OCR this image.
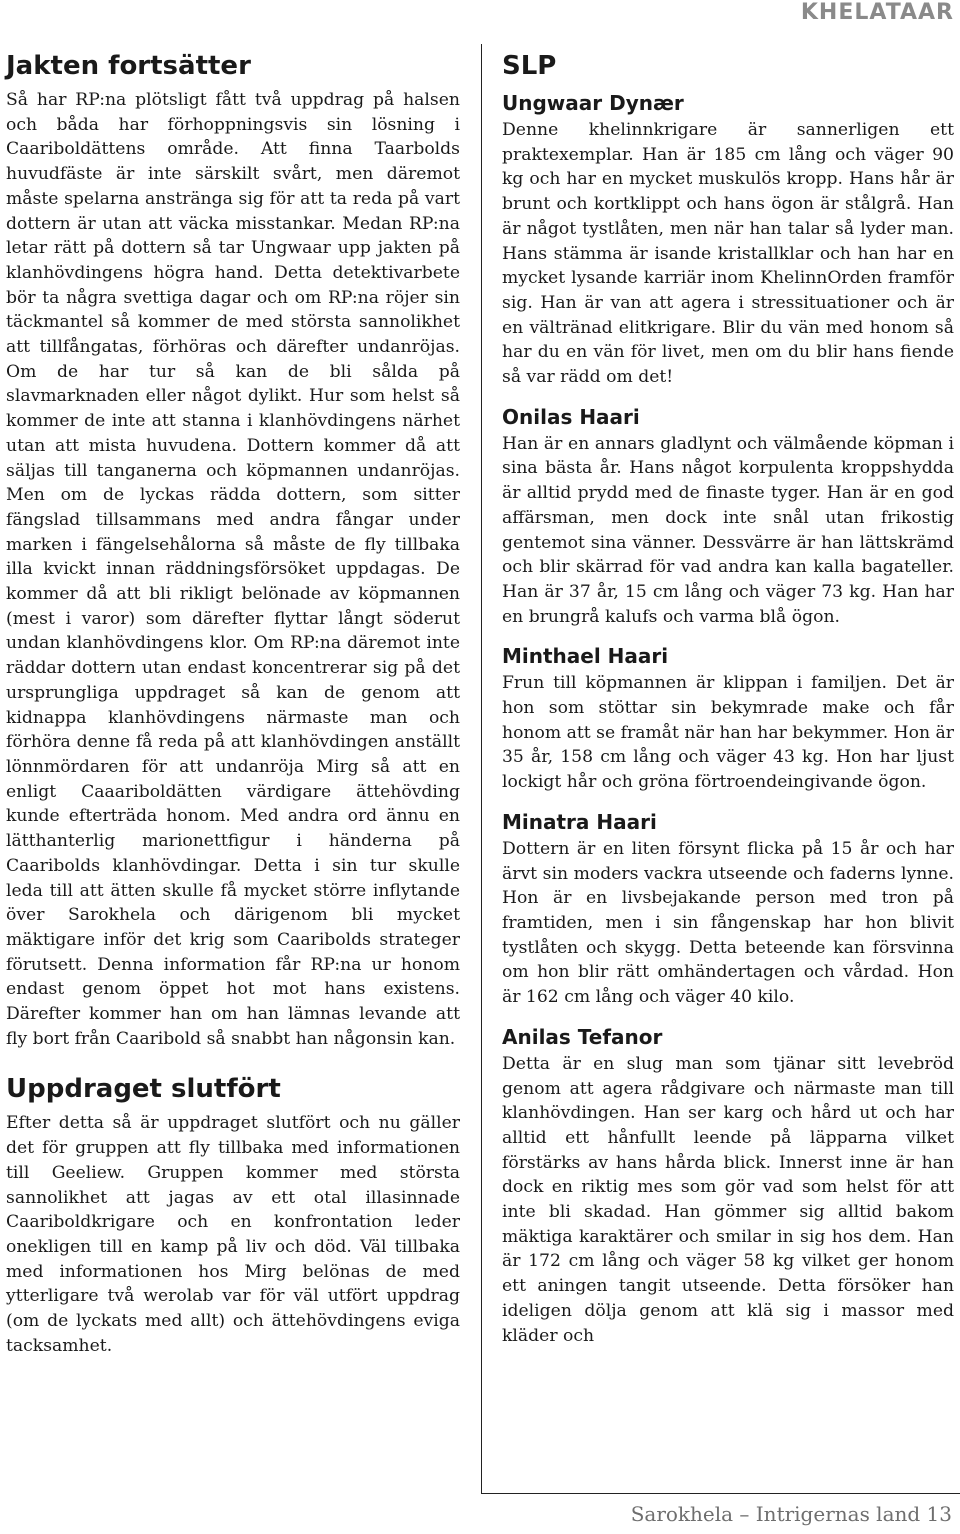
KHELATAAR
Jakten fortsätter

Så har RP:na plötsligt fått två uppdrag på halsen och båda har förhoppningsvis sin lösning i Caariboldättens område. Att finna Taarbolds huvudfäste är inte särskilt svårt, men däremot måste spelarna anstränga sig för att ta reda på vart dottern är utan att väcka misstankar. Medan RP:na letar rätt på dottern så tar Ungwaar upp jakten på klanhövdingens högra hand. Detta detektivarbete bör ta några svettiga dagar och om RP:na röjer sin täckmantel så kommer de med största sannolikhet att tillfångatas, förhöras och därefter undanröjas. Om de har tur så kan de bli sålda på slavmarknaden eller något dylikt. Hur som helst så kommer de inte att stanna i klanhövdingens närhet utan att mista huvudena. Dottern kommer då att säljas till tanganerna och köpmannen undanröjas. Men om de lyckas rädda dottern, som sitter fängslad tillsammans med andra fångar under marken i fängelsehålorna så måste de fly tillbaka illa kvickt innan räddningsförsöket uppdagas. De kommer då att bli rikligt belönade av köpmannen (mest i varor) som därefter flyttar långt söderut undan klanhövdingens klor. Om RP:na däremot inte räddar dottern utan endast koncentrerar sig på det ursprungliga uppdraget så kan de genom att kidnappa klanhövdingens närmaste man och förhöra denne få reda på att klanhövdingen anställt lönnmördaren för att undanröja Mirg så att en enligt Caaariboldätten värdigare ättehövding kunde efterträda honom. Med andra ord ännu en lätthanterlig marionettfigur i händerna på Caaribolds klanhövdingar. Detta i sin tur skulle leda till att ätten skulle få mycket större inflytande över Sarokhela och därigenom bli mycket mäktigare inför det krig som Caaribolds strateger förutsett. Denna information får RP:na ur honom endast genom öppet hot mot hans existens. Därefter kommer han om han lämnas levande att fly bort från Caaribold så snabbt han någonsin kan.

Uppdraget slutfört

Efter detta så är uppdraget slutfört och nu gäller det för gruppen att fly tillbaka med informationen till Geeliew. Gruppen kommer med största sannolikhet att jagas av ett otal illasinnade Caariboldkrigare och en konfrontation leder onekligen till en kamp på liv och död. Väl tillbaka med informationen hos Mirg belönas de med ytterligare två werolab var för väl utfört uppdrag (om de lyckats med allt) och ättehövdingens eviga tacksamhet.

SLP
Ungwaar Dynær

Denne khelinnkrigare är sannerligen ett praktexemplar. Han är 185 cm lång och väger 90 kg och har en mycket muskulös kropp. Hans hår är brunt och kortklippt och hans ögon är stålgrå. Han är något tystlåten, men när han talar så lyder man. Hans stämma är isande kristallklar och han har en mycket lysande karriär inom KhelinnOrden framför sig. Han är van att agera i stressituationer och är en vältränad elitkrigare. Blir du vän med honom så har du en vän för livet, men om du blir hans fiende så var rädd om det!

Onilas Haari

Han är en annars gladlynt och välmående köpman i sina bästa år. Hans något korpulenta kroppshydda är alltid prydd med de finaste tyger. Han är en god affärsman, men dock inte snål utan frikostig gentemot sina vänner. Dessvärre är han lättskrämd och blir skärrad för vad andra kan kalla bagateller. Han är 37 år, 15 cm lång och väger 73 kg. Han har en brungrå kalufs och varma blå ögon.

Minthael Haari

Frun till köpmannen är klippan i familjen. Det är hon som stöttar sin bekymrade make och får honom att se framåt när han har bekymmer. Hon är 35 år, 158 cm lång och väger 43 kg. Hon har ljust lockigt hår och gröna förtroendeingivande ögon.

Minatra Haari

Dottern är en liten försynt flicka på 15 år och har ärvt sin moders vackra utseende och faderns lynne. Hon är en livsbejakande person med tron på framtiden, men i sin fångenskap har hon blivit tystlåten och skygg. Detta beteende kan försvinna om hon blir rätt omhändertagen och vårdad. Hon är 162 cm lång och väger 40 kilo.

Anilas Tefanor

Detta är en slug man som tjänar sitt levebröd genom att agera rådgivare och närmaste man till klanhövdingen. Han ser karg och hård ut och har alltid ett hånfullt leende på läpparna vilket förstärks av hans hårda blick. Innerst inne är han dock en riktig mes som gör vad som helst för att inte bli skadad. Han gömmer sig alltid bakom mäktiga karaktärer och smilar in sig hos dem. Han är 172 cm lång och väger 58 kg vilket ger honom ett aningen tangit utseende. Detta försöker han ideligen dölja genom att klä sig i massor med kläder och

Sarokhela – Intrigernas land 13
